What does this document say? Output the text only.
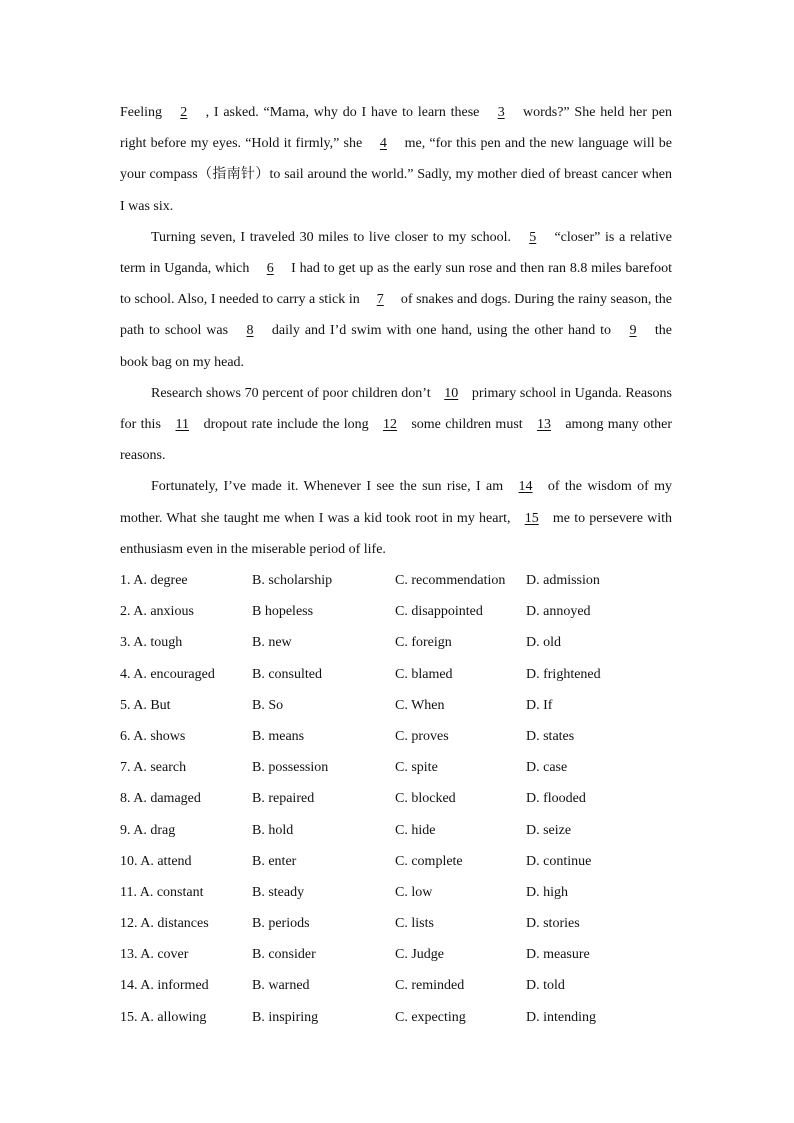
Feeling 2 , I asked. “Mama, why do I have to learn these 3 words?” She held her pen right before my eyes. “Hold it firmly,” she 4 me, “for this pen and the new language will be your compass（指南针）to sail around the world.” Sadly, my mother died of breast cancer when I was six.

Turning seven, I traveled 30 miles to live closer to my school. 5 “closer” is a relative term in Uganda, which 6 I had to get up as the early sun rose and then ran 8.8 miles barefoot to school. Also, I needed to carry a stick in 7 of snakes and dogs. During the rainy season, the path to school was 8 daily and I’d swim with one hand, using the other hand to 9 the book bag on my head.

Research shows 70 percent of poor children don’t 10 primary school in Uganda. Reasons for this 11 dropout rate include the long 12 some children must 13 among many other reasons.

Fortunately, I’ve made it. Whenever I see the sun rise, I am 14 of the wisdom of my mother. What she taught me when I was a kid took root in my heart, 15 me to persevere with enthusiasm even in the miserable period of life.

1. A. degree	B. scholarship	C. recommendation D. admission
2. A. anxious	B hopeless	C. disappointed	D. annoyed
3. A. tough	B. new	C. foreign	D. old
4. A. encouraged	B. consulted	C. blamed	D. frightened
5. A. But	B. So	C. When	D. If
6. A. shows	B. means	C. proves	D. states
7. A. search	B. possession	C. spite	D. case
8. A. damaged	B. repaired	C. blocked	D. flooded
9. A. drag	B. hold	C. hide	D. seize
10. A. attend	B. enter	C. complete	D. continue
11. A. constant	B. steady	C. low	D. high
12. A. distances	B. periods	C. lists	D. stories
13. A. cover	B. consider	C. Judge	D. measure
14. A. informed	B. warned	C. reminded	D. told
15. A. allowing	B. inspiring	C. expecting	D. intending
